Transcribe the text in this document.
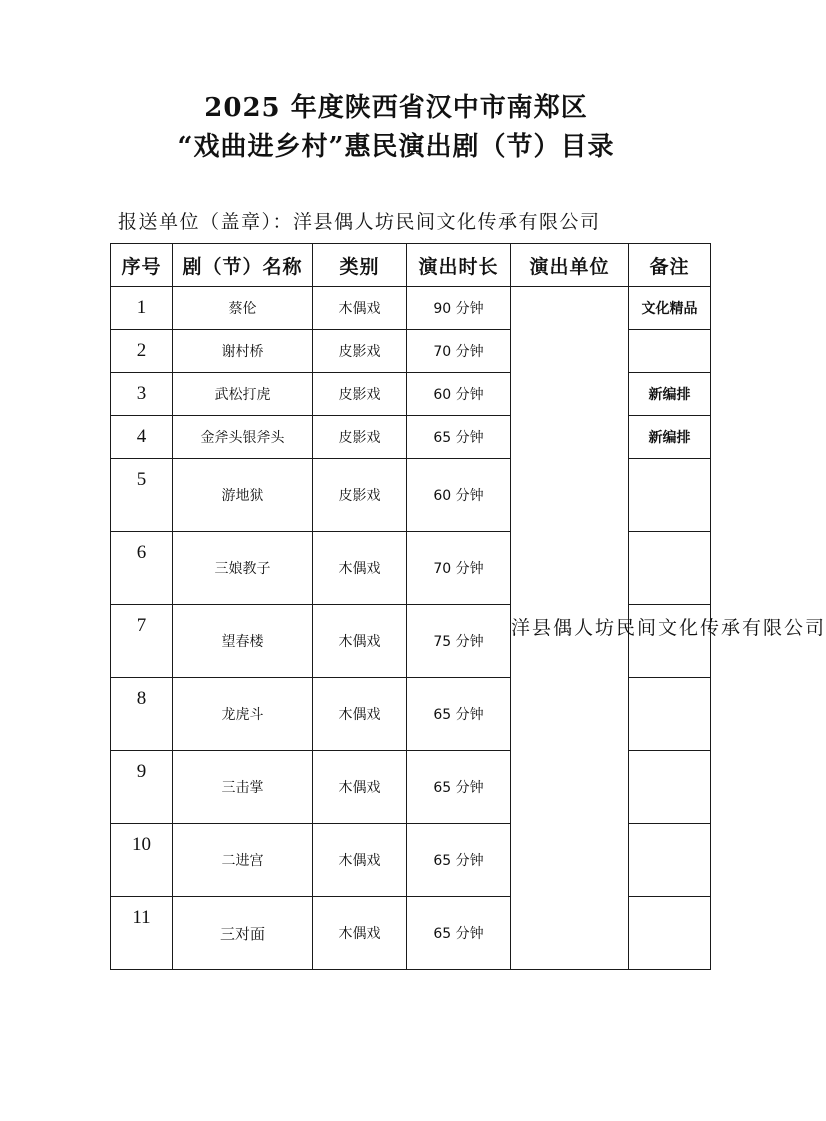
2025 年度陕西省汉中市南郑区
“戏曲进乡村”惠民演出剧（节）目录
报送单位（盖章）：洋县偶人坊民间文化传承有限公司
序号	剧（节）名称	类别	演出时长	演出单位	备注
1	蔡伦	木偶戏	90 分钟	洋县偶人坊民间文化传承有限公司	文化精品
2	谢村桥	皮影戏	70 分钟		
3	武松打虎	皮影戏	60 分钟		新编排
4	金斧头银斧头	皮影戏	65 分钟		新编排
5	游地狱	皮影戏	60 分钟		
6	三娘教子	木偶戏	70 分钟		
7	望春楼	木偶戏	75 分钟		
8	龙虎斗	木偶戏	65 分钟		
9	三击掌	木偶戏	65 分钟		
10	二进宫	木偶戏	65 分钟		
11	三对面	木偶戏	65 分钟		
